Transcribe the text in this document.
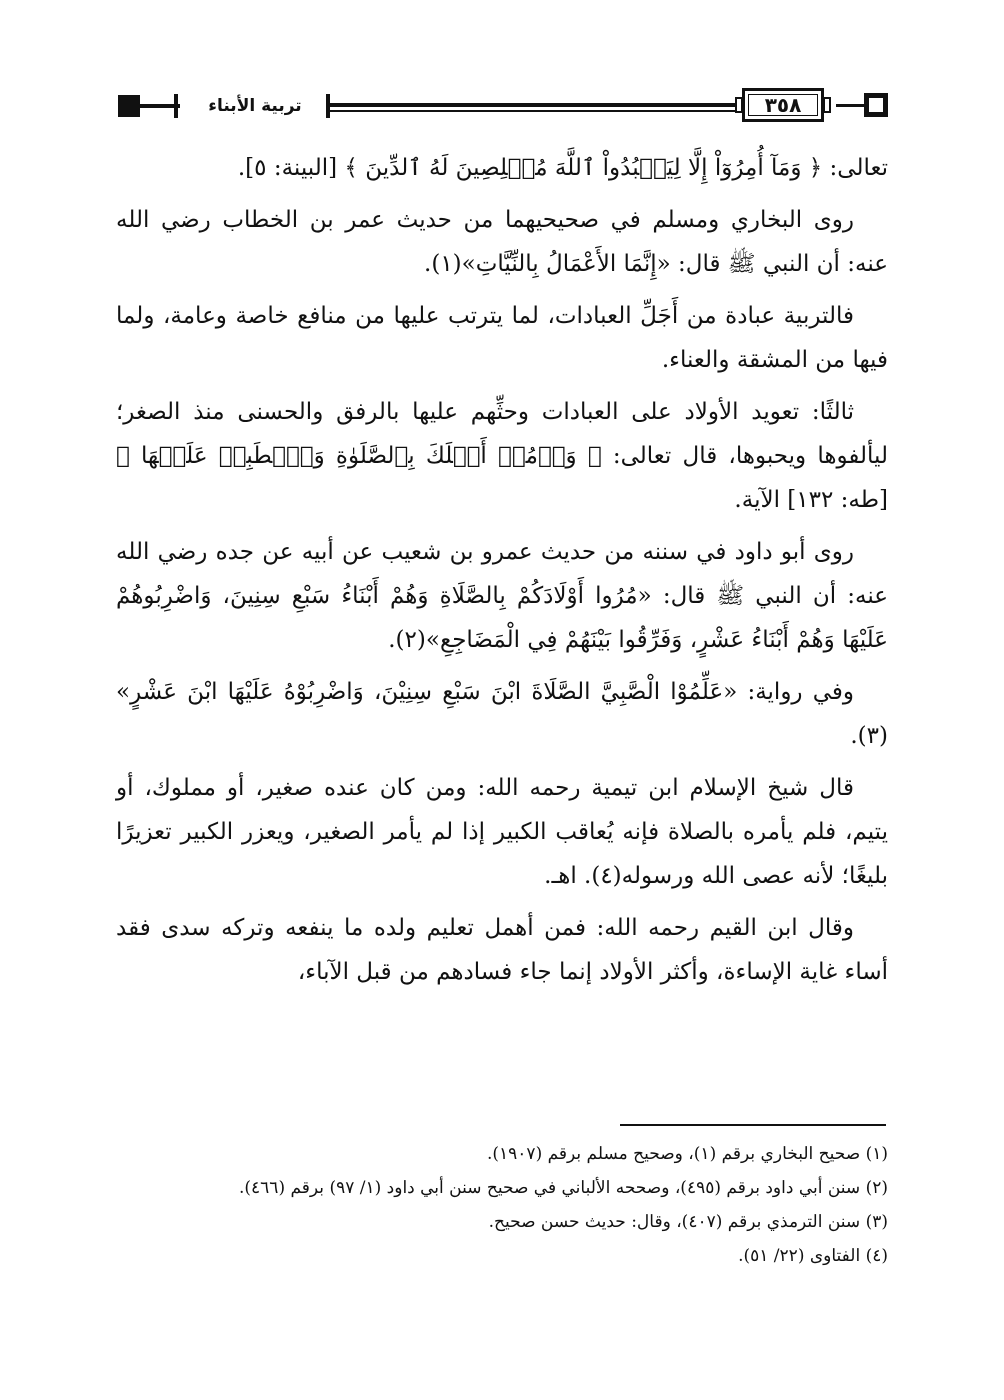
تربية الأبناء	٣٥٨

تعالى: ﴿ وَمَآ أُمِرُوٓاْ إِلَّا لِيَعۡبُدُواْ ٱللَّهَ مُخۡلِصِينَ لَهُ ٱلدِّينَ ﴾ [البينة: ٥].

روى البخاري ومسلم في صحيحيهما من حديث عمر بن الخطاب رضي الله عنه: أن النبي ﷺ قال: «إِنَّمَا الأَعْمَالُ بِالنِّيَّاتِ»(١).

فالتربية عبادة من أَجَلِّ العبادات، لما يترتب عليها من منافع خاصة وعامة، ولما فيها من المشقة والعناء.

ثالثًا: تعويد الأولاد على العبادات وحثِّهم عليها بالرفق والحسنى منذ الصغر؛ ليألفوها ويحبوها، قال تعالى: ﴿ وَأۡمُرۡ أَهۡلَكَ بِٱلصَّلَوٰةِ وَٱصۡطَبِرۡ عَلَيۡهَا ﴾ [طه: ١٣٢] الآية.

روى أبو داود في سننه من حديث عمرو بن شعيب عن أبيه عن جده رضي الله عنه: أن النبي ﷺ قال: «مُرُوا أَوْلَادَكُمْ بِالصَّلَاةِ وَهُمْ أَبْنَاءُ سَبْعِ سِنِينَ، وَاضْرِبُوهُمْ عَلَيْهَا وَهُمْ أَبْنَاءُ عَشْرٍ، وَفَرِّقُوا بَيْنَهُمْ فِي الْمَضَاجِعِ»(٢).

وفي رواية: «عَلِّمُوْا الْصَّبِيَّ الصَّلَاةَ ابْنَ سَبْعِ سِنِيْنَ، وَاضْرِبُوْهُ عَلَيْهَا ابْنَ عَشْرٍ» (٣).

قال شيخ الإسلام ابن تيمية رحمه الله: ومن كان عنده صغير، أو مملوك، أو يتيم، فلم يأمره بالصلاة فإنه يُعاقب الكبير إذا لم يأمر الصغير، ويعزر الكبير تعزيرًا بليغًا؛ لأنه عصى الله ورسوله(٤). اهـ.

وقال ابن القيم رحمه الله: فمن أهمل تعليم ولده ما ينفعه وتركه سدى فقد أساء غاية الإساءة، وأكثر الأولاد إنما جاء فسادهم من قبل الآباء،

(١) صحيح البخاري برقم (١)، وصحيح مسلم برقم (١٩٠٧).

(٢) سنن أبي داود برقم (٤٩٥)، وصححه الألباني في صحيح سنن أبي داود (١/ ٩٧) برقم (٤٦٦).

(٣) سنن الترمذي برقم (٤٠٧)، وقال: حديث حسن صحيح.

(٤) الفتاوى (٢٢/ ٥١).
